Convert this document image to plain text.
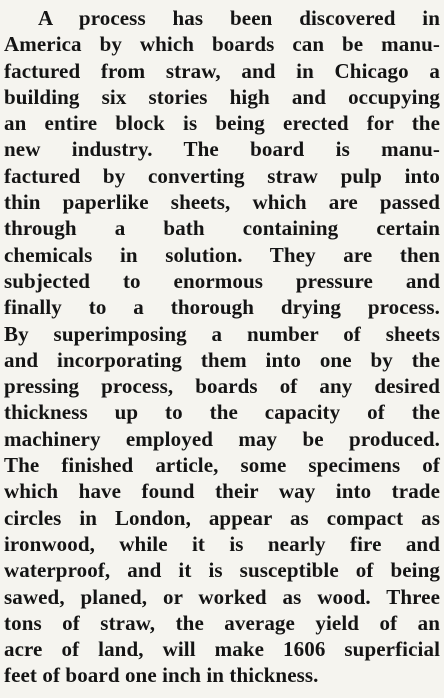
A process has been discovered in
America by which boards can be manu-
factured from straw, and in Chicago a
building six stories high and occupying
an entire block is being erected for the
new industry. The board is manu-
factured by converting straw pulp into
thin paperlike sheets, which are passed
through a bath containing certain
chemicals in solution. They are then
subjected to enormous pressure and
finally to a thorough drying process.
By superimposing a number of sheets
and incorporating them into one by the
pressing process, boards of any desired
thickness up to the capacity of the
machinery employed may be produced.
The finished article, some specimens of
which have found their way into trade
circles in London, appear as compact as
ironwood, while it is nearly fire and
waterproof, and it is susceptible of being
sawed, planed, or worked as wood. Three
tons of straw, the average yield of an
acre of land, will make 1606 superficial
feet of board one inch in thickness.
